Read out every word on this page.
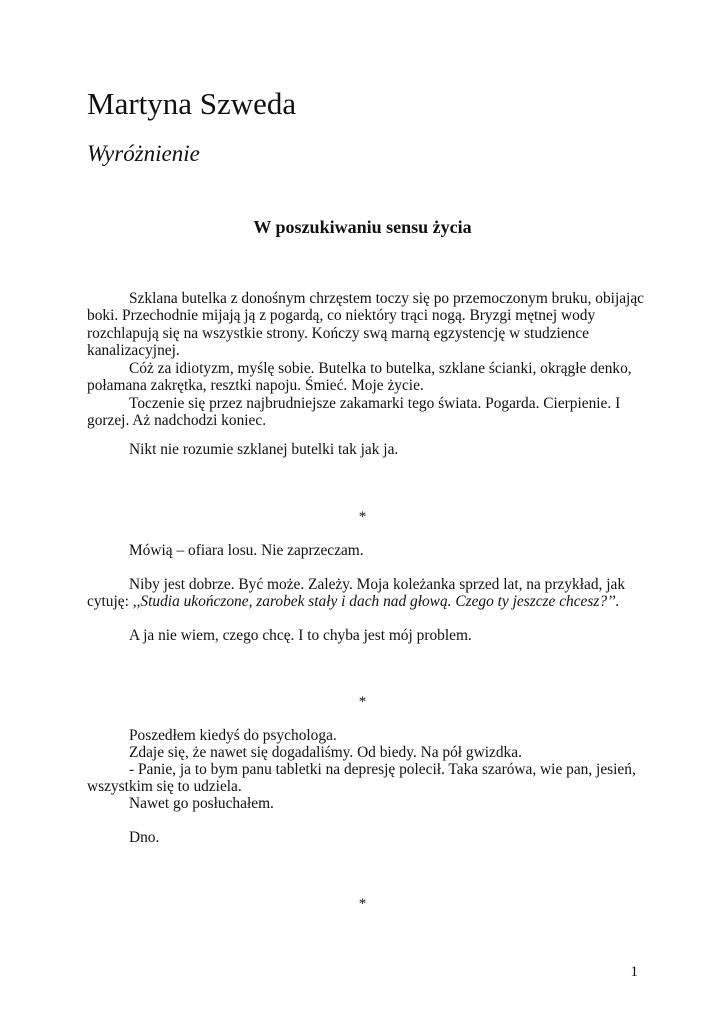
Martyna Szweda

Wyróżnienie

W poszukiwaniu sensu życia

Szklana butelka z donośnym chrzęstem toczy się po przemoczonym bruku, obijając boki. Przechodnie mijają ją z pogardą, co niektóry trąci nogą. Bryzgi mętnej wody rozchlapują się na wszystkie strony. Kończy swą marną egzystencję w studzience kanalizacyjnej.

Cóż za idiotyzm, myślę sobie. Butelka to butelka, szklane ścianki, okrągłe denko, połamana zakrętka, resztki napoju. Śmieć. Moje życie.

Toczenie się przez najbrudniejsze zakamarki tego świata. Pogarda. Cierpienie. I gorzej. Aż nadchodzi koniec.

Nikt nie rozumie szklanej butelki tak jak ja.

*

Mówią – ofiara losu. Nie zaprzeczam.

Niby jest dobrze. Być może. Zależy. Moja koleżanka sprzed lat, na przykład, jak cytuję: ,,Studia ukończone, zarobek stały i dach nad głową. Czego ty jeszcze chcesz?’’.

A ja nie wiem, czego chcę. I to chyba jest mój problem.

*

Poszedłem kiedyś do psychologa.

Zdaje się, że nawet się dogadaliśmy. Od biedy. Na pół gwizdka.

- Panie, ja to bym panu tabletki na depresję polecił. Taka szarówa, wie pan, jesień, wszystkim się to udziela.

Nawet go posłuchałem.

Dno.

*

1
